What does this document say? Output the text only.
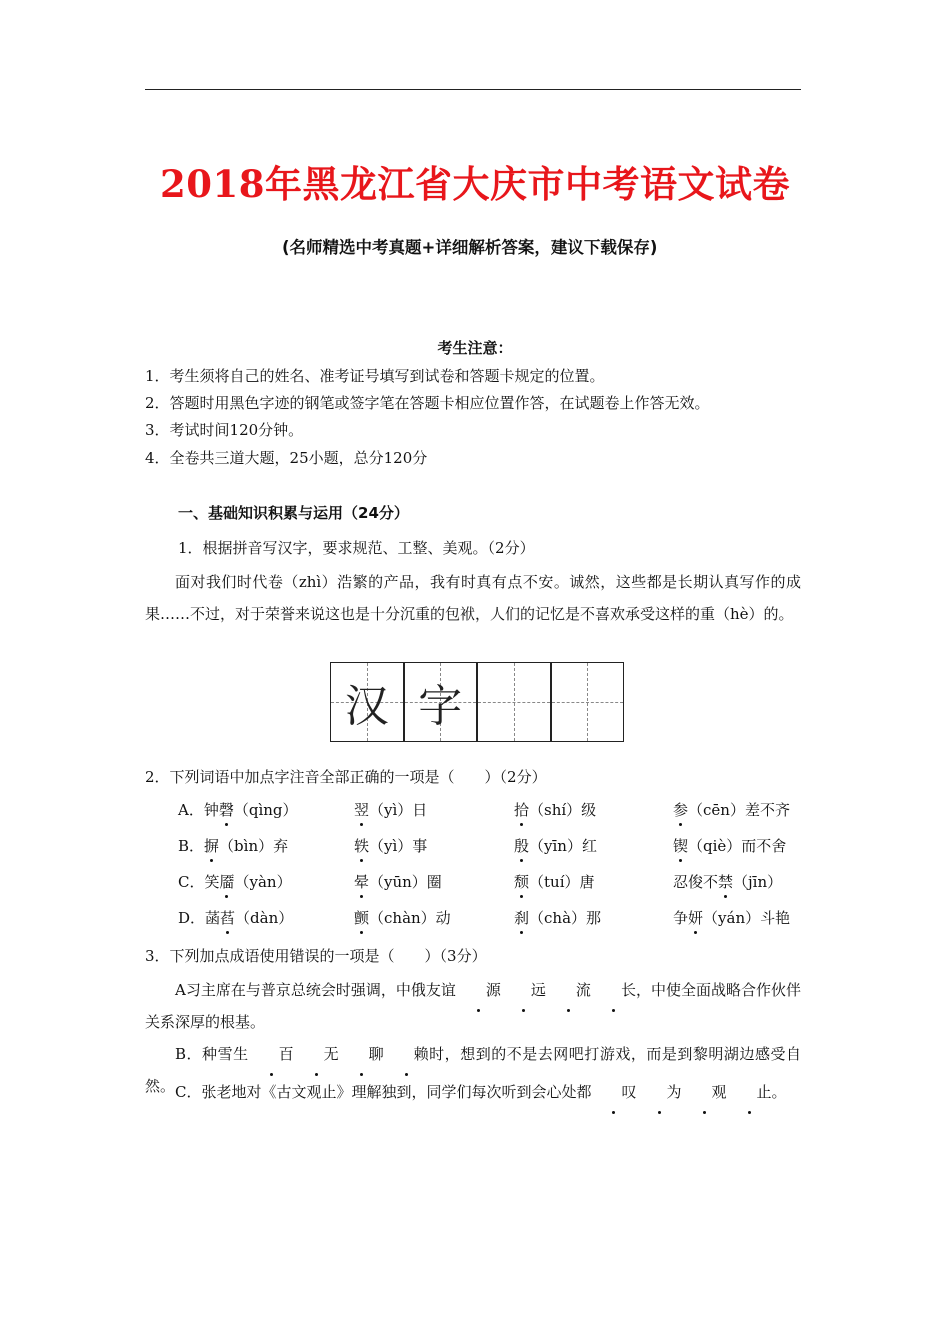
2018年黑龙江省大庆市中考语文试卷
(名师精选中考真题+详细解析答案，建议下载保存)
考生注意：
1．考生须将自己的姓名、准考证号填写到试卷和答题卡规定的位置。
2．答题时用黑色字迹的钢笔或签字笔在答题卡相应位置作答，在试题卷上作答无效。
3．考试时间120分钟。
4．全卷共三道大题，25小题，总分120分
一、基础知识积累与运用（24分）
1．根据拼音写汉字，要求规范、工整、美观。（2分）
面对我们时代卷（zhì）浩繁的产品，我有时真有点不安。诚然，这些都是长期认真写作的成果……不过，对于荣誉来说这也是十分沉重的包袱，人们的记忆是不喜欢承受这样的重（hè）的。
汉 字
2．下列词语中加点字注音全部正确的一项是（　　）（2分）
A．钟磬（qìng）	翌（yì）日	拾（shí）级	参（cēn）差不齐
B．摒（bìn）弃	轶（yì）事	殷（yīn）红	锲（qiè）而不舍
C．笑靥（yàn）	晕（yūn）圈	颓（tuí）唐	忍俊不禁（jīn）
D．菡萏（dàn）	颤（chàn）动	刹（chà）那	争妍（yán）斗艳
3．下列加点成语使用错误的一项是（　　）（3分）
A习主席在与普京总统会时强调，中俄友谊 源 远 流 长，中使全面战略合作伙伴关系深厚的根基。
B．种雪生 百 无 聊 赖时，想到的不是去网吧打游戏，而是到黎明湖边感受自然。 C．张老地对《古文观止》理解独到，同学们每次听到会心处都 叹 为 观 止。
